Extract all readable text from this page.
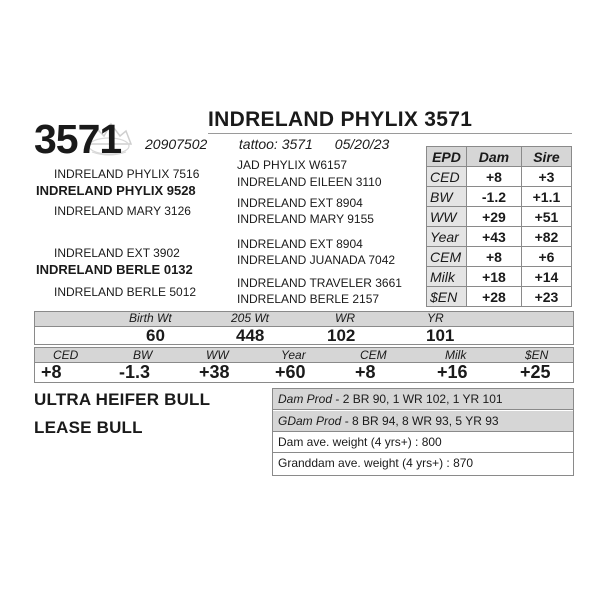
3571	INDRELAND PHYLIX 3571
20907502 tattoo: 3571 05/20/23
JAD PHYLIX W6157
INDRELAND PHYLIX 7516
INDRELAND EILEEN 3110
INDRELAND PHYLIX 9528
INDRELAND EXT 8904
INDRELAND MARY 3126
INDRELAND MARY 9155
INDRELAND EXT 8904
INDRELAND EXT 3902	INDRELAND JUANADA 7042
INDRELAND BERLE 0132
INDRELAND TRAVELER 3661
INDRELAND BERLE 5012	INDRELAND BERLE 2157
EPD	Dam	Sire
CED	+8	+3
BW	-1.2	+1.1
WW	+29	+51
Year	+43	+82
CEM	+8	+6
Milk	+18	+14
$EN	+28	+23
Birth Wt	205 Wt	WR	YR
60	448	102	101
CED	BW	WW	Year	CEM	Milk	$EN
+8	-1.3	+38	+60	+8	+16	+25
ULTRA HEIFER BULL
LEASE BULL
Dam Prod - 2 BR 90, 1 WR 102, 1 YR 101
GDam Prod - 8 BR 94, 8 WR 93, 5 YR 93
Dam ave. weight (4 yrs+) : 800
Granddam ave. weight (4 yrs+) : 870
